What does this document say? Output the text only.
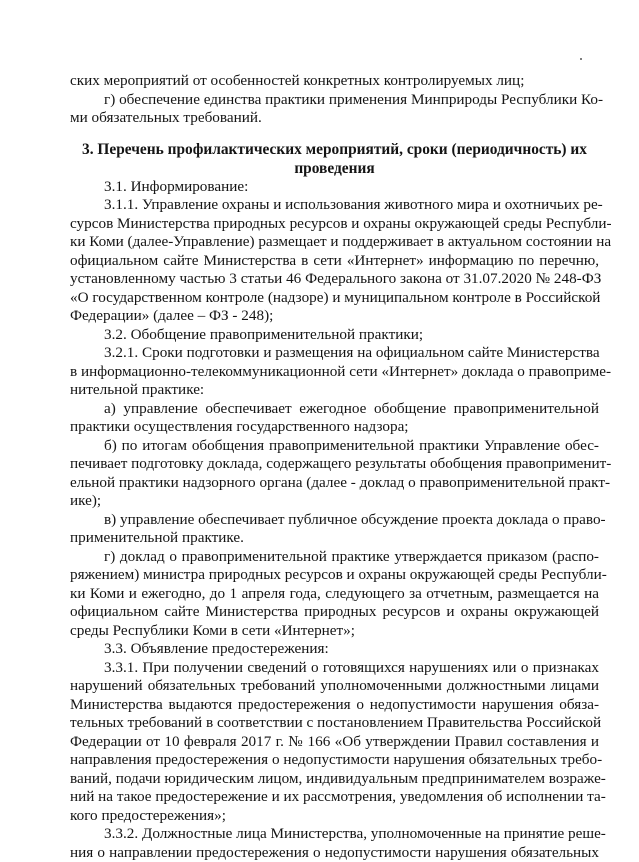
ских мероприятий от особенностей конкретных контролируемых лиц;
г) обеспечение единства практики применения Минприроды Республики Ко-
ми обязательных требований.
3. Перечень профилактических мероприятий, сроки (периодичность) их
проведения
3.1. Информирование:
3.1.1. Управление охраны и использования животного мира и охотничьих ре-
сурсов Министерства природных ресурсов и охраны окружающей среды Республи-
ки Коми (далее-Управление) размещает и поддерживает в актуальном состоянии на
официальном сайте Министерства в сети «Интернет» информацию по перечню,
установленному частью 3 статьи 46 Федерального закона от 31.07.2020 № 248-ФЗ
«О государственном контроле (надзоре) и муниципальном контроле в Российской
Федерации» (далее – ФЗ - 248);
3.2. Обобщение правоприменительной практики;
3.2.1. Сроки подготовки и размещения на официальном сайте Министерства
в информационно-телекоммуникационной сети «Интернет» доклада о правоприме-
нительной практике:
а) управление обеспечивает ежегодное обобщение правоприменительной
практики осуществления государственного надзора;
б) по итогам обобщения правоприменительной практики Управление обес-
печивает подготовку доклада, содержащего результаты обобщения правоприменит-
ельной практики надзорного органа (далее - доклад о правоприменительной практ-
ике);
в) управление обеспечивает публичное обсуждение проекта доклада о право-
применительной практике.
г) доклад о правоприменительной практике утверждается приказом (распо-
ряжением) министра природных ресурсов и охраны окружающей среды Республи-
ки Коми и ежегодно, до 1 апреля года, следующего за отчетным, размещается на
официальном сайте Министерства природных ресурсов и охраны окружающей
среды Республики Коми в сети «Интернет»;
3.3. Объявление предостережения:
3.3.1. При получении сведений о готовящихся нарушениях или о признаках
нарушений обязательных требований уполномоченными должностными лицами
Министерства выдаются предостережения о недопустимости нарушения обяза-
тельных требований в соответствии с постановлением Правительства Российской
Федерации от 10 февраля 2017 г. № 166 «Об утверждении Правил составления и
направления предостережения о недопустимости нарушения обязательных требо-
ваний, подачи юридическим лицом, индивидуальным предпринимателем возраже-
ний на такое предостережение и их рассмотрения, уведомления об исполнении та-
кого предостережения»;
3.3.2. Должностные лица Министерства, уполномоченные на принятие реше-
ния о направлении предостережения о недопустимости нарушения обязательных
